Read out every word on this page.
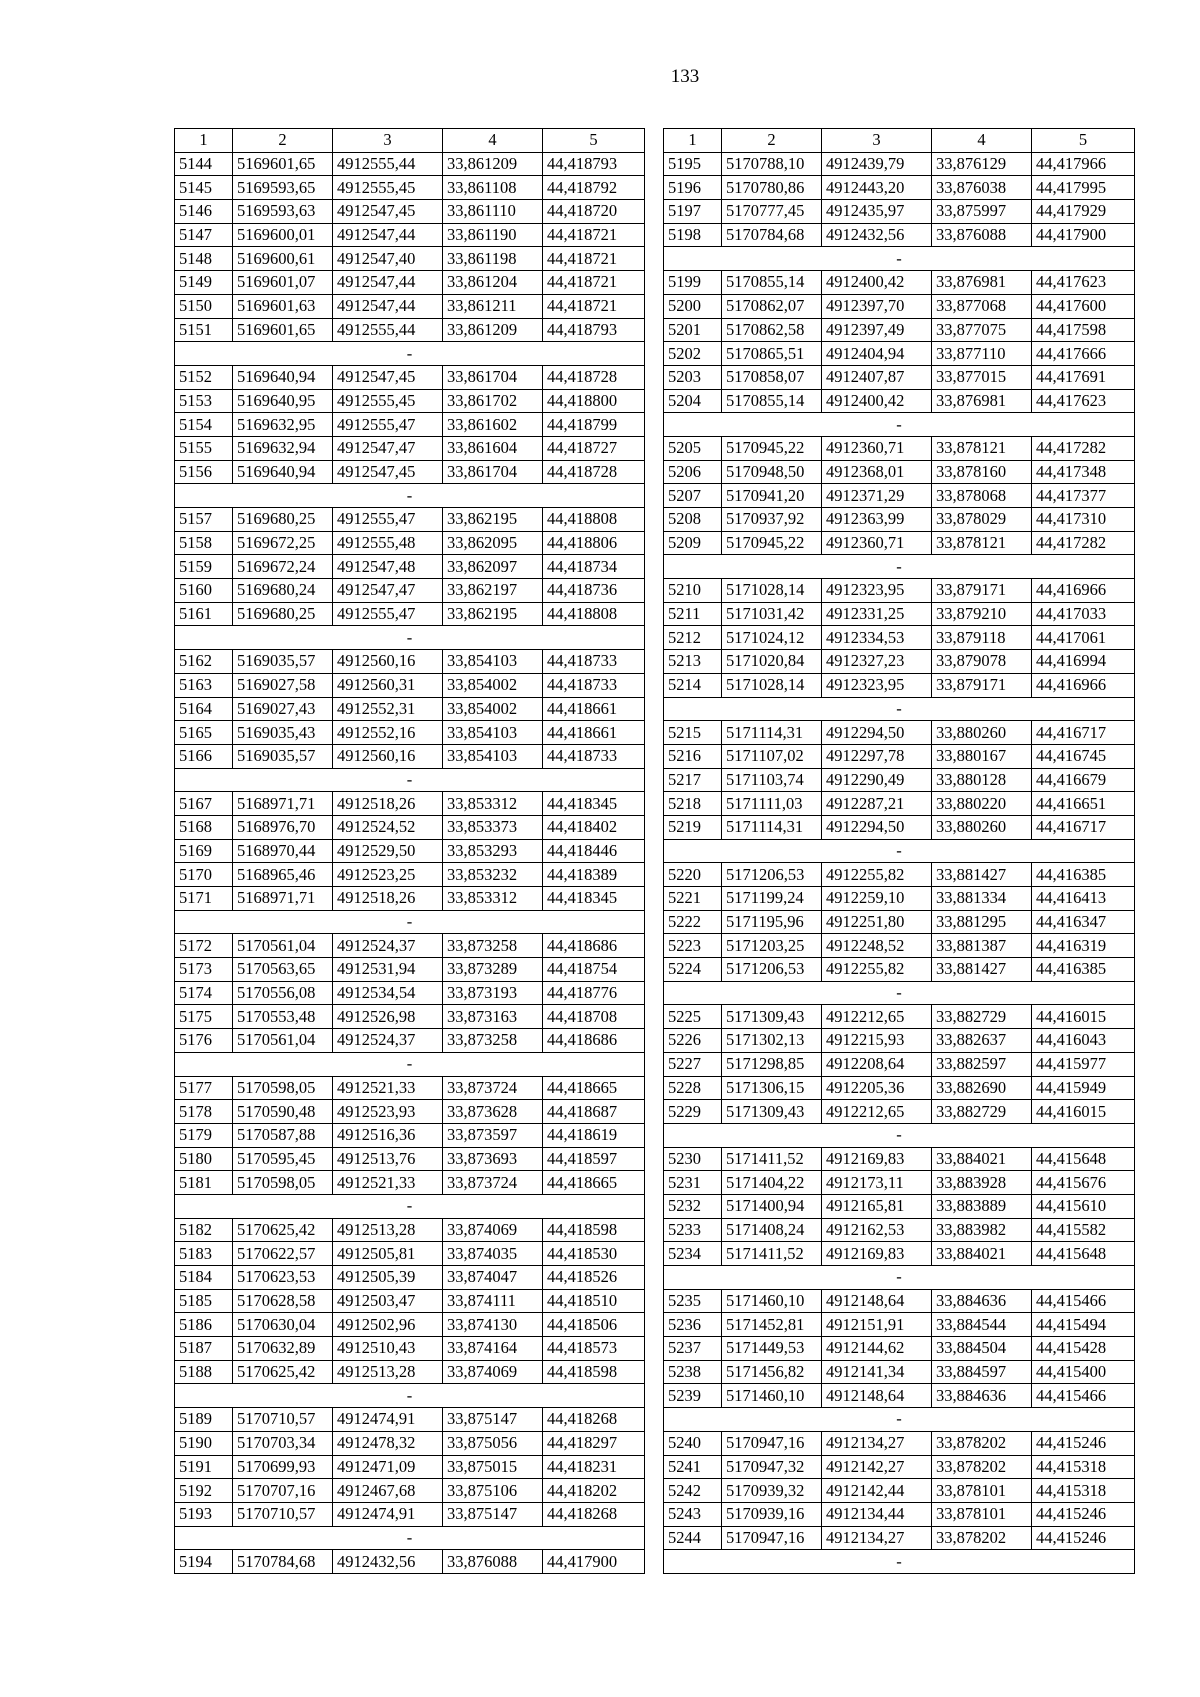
133
1	2	3	4	5
5144	5169601,65	4912555,44	33,861209	44,418793
5145	5169593,65	4912555,45	33,861108	44,418792
5146	5169593,63	4912547,45	33,861110	44,418720
5147	5169600,01	4912547,44	33,861190	44,418721
5148	5169600,61	4912547,40	33,861198	44,418721
5149	5169601,07	4912547,44	33,861204	44,418721
5150	5169601,63	4912547,44	33,861211	44,418721
5151	5169601,65	4912555,44	33,861209	44,418793
-				
5152	5169640,94	4912547,45	33,861704	44,418728
5153	5169640,95	4912555,45	33,861702	44,418800
5154	5169632,95	4912555,47	33,861602	44,418799
5155	5169632,94	4912547,47	33,861604	44,418727
5156	5169640,94	4912547,45	33,861704	44,418728
-				
5157	5169680,25	4912555,47	33,862195	44,418808
5158	5169672,25	4912555,48	33,862095	44,418806
5159	5169672,24	4912547,48	33,862097	44,418734
5160	5169680,24	4912547,47	33,862197	44,418736
5161	5169680,25	4912555,47	33,862195	44,418808
-				
5162	5169035,57	4912560,16	33,854103	44,418733
5163	5169027,58	4912560,31	33,854002	44,418733
5164	5169027,43	4912552,31	33,854002	44,418661
5165	5169035,43	4912552,16	33,854103	44,418661
5166	5169035,57	4912560,16	33,854103	44,418733
-				
5167	5168971,71	4912518,26	33,853312	44,418345
5168	5168976,70	4912524,52	33,853373	44,418402
5169	5168970,44	4912529,50	33,853293	44,418446
5170	5168965,46	4912523,25	33,853232	44,418389
5171	5168971,71	4912518,26	33,853312	44,418345
-				
5172	5170561,04	4912524,37	33,873258	44,418686
5173	5170563,65	4912531,94	33,873289	44,418754
5174	5170556,08	4912534,54	33,873193	44,418776
5175	5170553,48	4912526,98	33,873163	44,418708
5176	5170561,04	4912524,37	33,873258	44,418686
-				
5177	5170598,05	4912521,33	33,873724	44,418665
5178	5170590,48	4912523,93	33,873628	44,418687
5179	5170587,88	4912516,36	33,873597	44,418619
5180	5170595,45	4912513,76	33,873693	44,418597
5181	5170598,05	4912521,33	33,873724	44,418665
-				
5182	5170625,42	4912513,28	33,874069	44,418598
5183	5170622,57	4912505,81	33,874035	44,418530
5184	5170623,53	4912505,39	33,874047	44,418526
5185	5170628,58	4912503,47	33,874111	44,418510
5186	5170630,04	4912502,96	33,874130	44,418506
5187	5170632,89	4912510,43	33,874164	44,418573
5188	5170625,42	4912513,28	33,874069	44,418598
-				
5189	5170710,57	4912474,91	33,875147	44,418268
5190	5170703,34	4912478,32	33,875056	44,418297
5191	5170699,93	4912471,09	33,875015	44,418231
5192	5170707,16	4912467,68	33,875106	44,418202
5193	5170710,57	4912474,91	33,875147	44,418268
-				
5194	5170784,68	4912432,56	33,876088	44,417900
1	2	3	4	5
5195	5170788,10	4912439,79	33,876129	44,417966
5196	5170780,86	4912443,20	33,876038	44,417995
5197	5170777,45	4912435,97	33,875997	44,417929
5198	5170784,68	4912432,56	33,876088	44,417900
-				
5199	5170855,14	4912400,42	33,876981	44,417623
5200	5170862,07	4912397,70	33,877068	44,417600
5201	5170862,58	4912397,49	33,877075	44,417598
5202	5170865,51	4912404,94	33,877110	44,417666
5203	5170858,07	4912407,87	33,877015	44,417691
5204	5170855,14	4912400,42	33,876981	44,417623
-				
5205	5170945,22	4912360,71	33,878121	44,417282
5206	5170948,50	4912368,01	33,878160	44,417348
5207	5170941,20	4912371,29	33,878068	44,417377
5208	5170937,92	4912363,99	33,878029	44,417310
5209	5170945,22	4912360,71	33,878121	44,417282
-				
5210	5171028,14	4912323,95	33,879171	44,416966
5211	5171031,42	4912331,25	33,879210	44,417033
5212	5171024,12	4912334,53	33,879118	44,417061
5213	5171020,84	4912327,23	33,879078	44,416994
5214	5171028,14	4912323,95	33,879171	44,416966
-				
5215	5171114,31	4912294,50	33,880260	44,416717
5216	5171107,02	4912297,78	33,880167	44,416745
5217	5171103,74	4912290,49	33,880128	44,416679
5218	5171111,03	4912287,21	33,880220	44,416651
5219	5171114,31	4912294,50	33,880260	44,416717
-				
5220	5171206,53	4912255,82	33,881427	44,416385
5221	5171199,24	4912259,10	33,881334	44,416413
5222	5171195,96	4912251,80	33,881295	44,416347
5223	5171203,25	4912248,52	33,881387	44,416319
5224	5171206,53	4912255,82	33,881427	44,416385
-				
5225	5171309,43	4912212,65	33,882729	44,416015
5226	5171302,13	4912215,93	33,882637	44,416043
5227	5171298,85	4912208,64	33,882597	44,415977
5228	5171306,15	4912205,36	33,882690	44,415949
5229	5171309,43	4912212,65	33,882729	44,416015
-				
5230	5171411,52	4912169,83	33,884021	44,415648
5231	5171404,22	4912173,11	33,883928	44,415676
5232	5171400,94	4912165,81	33,883889	44,415610
5233	5171408,24	4912162,53	33,883982	44,415582
5234	5171411,52	4912169,83	33,884021	44,415648
-				
5235	5171460,10	4912148,64	33,884636	44,415466
5236	5171452,81	4912151,91	33,884544	44,415494
5237	5171449,53	4912144,62	33,884504	44,415428
5238	5171456,82	4912141,34	33,884597	44,415400
5239	5171460,10	4912148,64	33,884636	44,415466
-				
5240	5170947,16	4912134,27	33,878202	44,415246
5241	5170947,32	4912142,27	33,878202	44,415318
5242	5170939,32	4912142,44	33,878101	44,415318
5243	5170939,16	4912134,44	33,878101	44,415246
5244	5170947,16	4912134,27	33,878202	44,415246
-				
